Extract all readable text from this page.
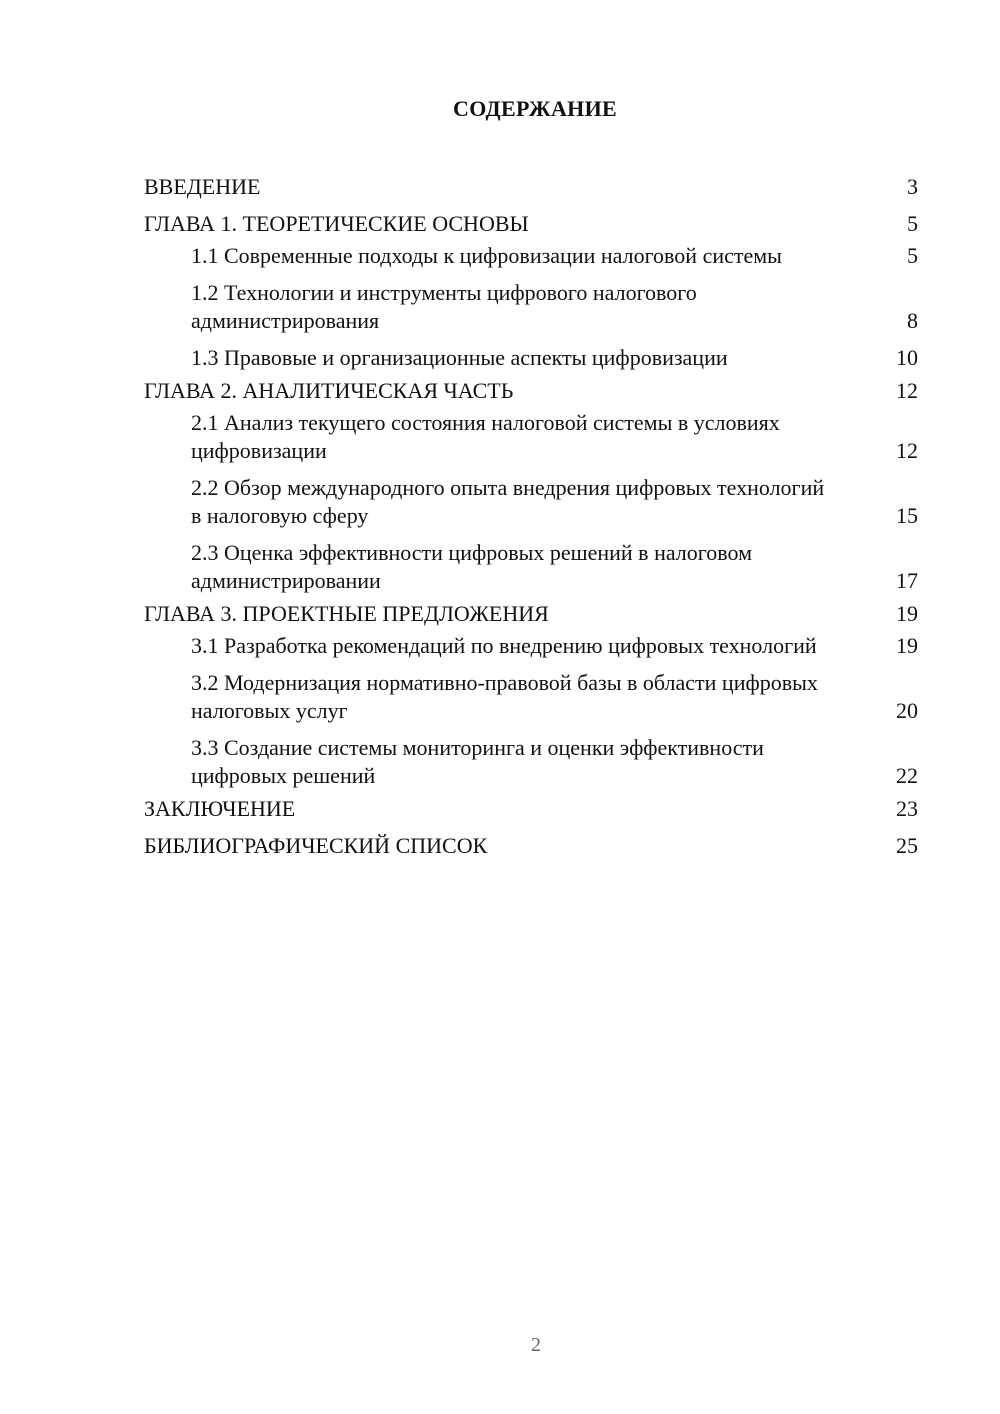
СОДЕРЖАНИЕ
ВВЕДЕНИЕ	3
ГЛАВА 1. ТЕОРЕТИЧЕСКИЕ ОСНОВЫ	5
1.1 Современные подходы к цифровизации налоговой системы	5
1.2 Технологии и инструменты цифрового налогового администрирования	8
1.3 Правовые и организационные аспекты цифровизации	10
ГЛАВА 2. АНАЛИТИЧЕСКАЯ ЧАСТЬ	12
2.1 Анализ текущего состояния налоговой системы в условиях цифровизации	12
2.2 Обзор международного опыта внедрения цифровых технологий в налоговую сферу	15
2.3 Оценка эффективности цифровых решений в налоговом администрировании	17
ГЛАВА 3. ПРОЕКТНЫЕ ПРЕДЛОЖЕНИЯ	19
3.1 Разработка рекомендаций по внедрению цифровых технологий	19
3.2 Модернизация нормативно-правовой базы в области цифровых налоговых услуг	20
3.3 Создание системы мониторинга и оценки эффективности цифровых решений	22
ЗАКЛЮЧЕНИЕ	23
БИБЛИОГРАФИЧЕСКИЙ СПИСОК	25
2
